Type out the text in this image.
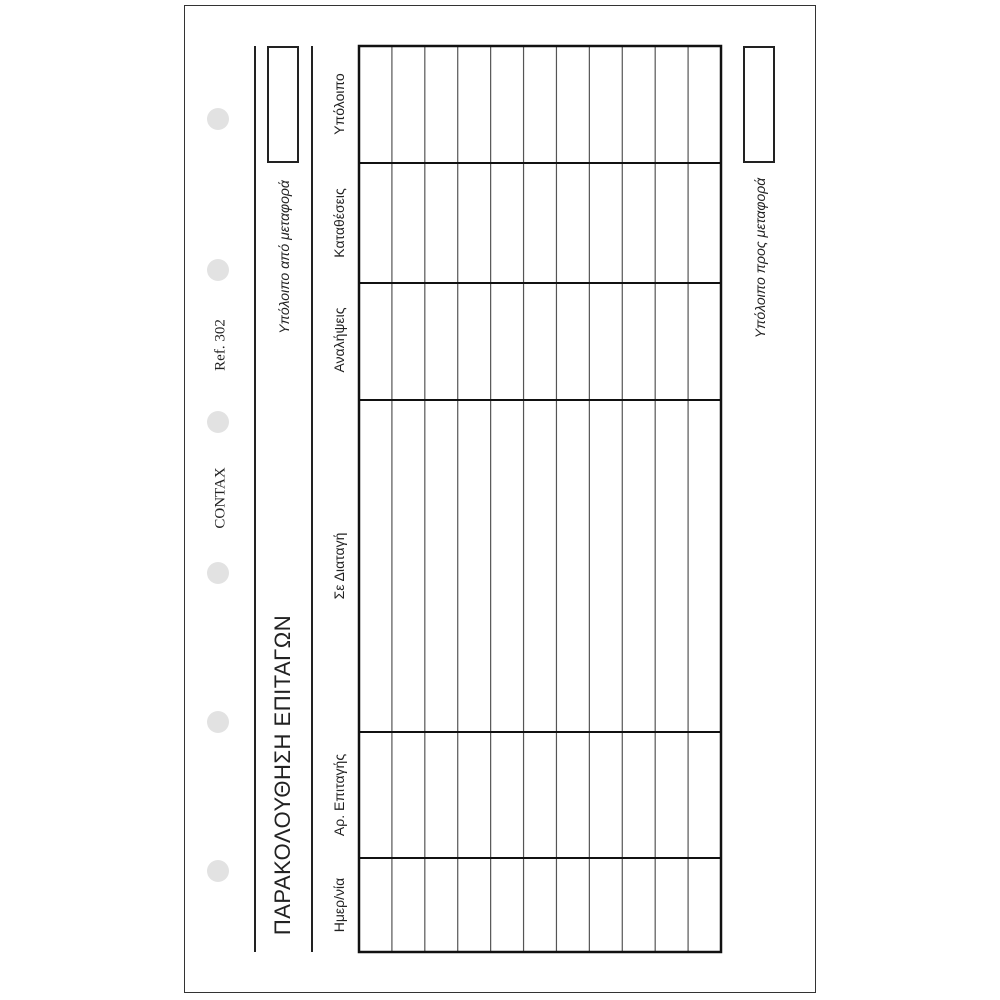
CONTAX
Ref. 302
ΠΑΡΑΚΟΛΟΥΘΗΣΗ ΕΠΙΤΑΓΩΝ
Υπόλοιπο από μεταφορά
Ημερ/νία
Αρ. Επιταγής
Σε Διαταγή
Αναλήψεις
Καταθέσεις
Υπόλοιπο
Υπόλοιπο προς μεταφορά
